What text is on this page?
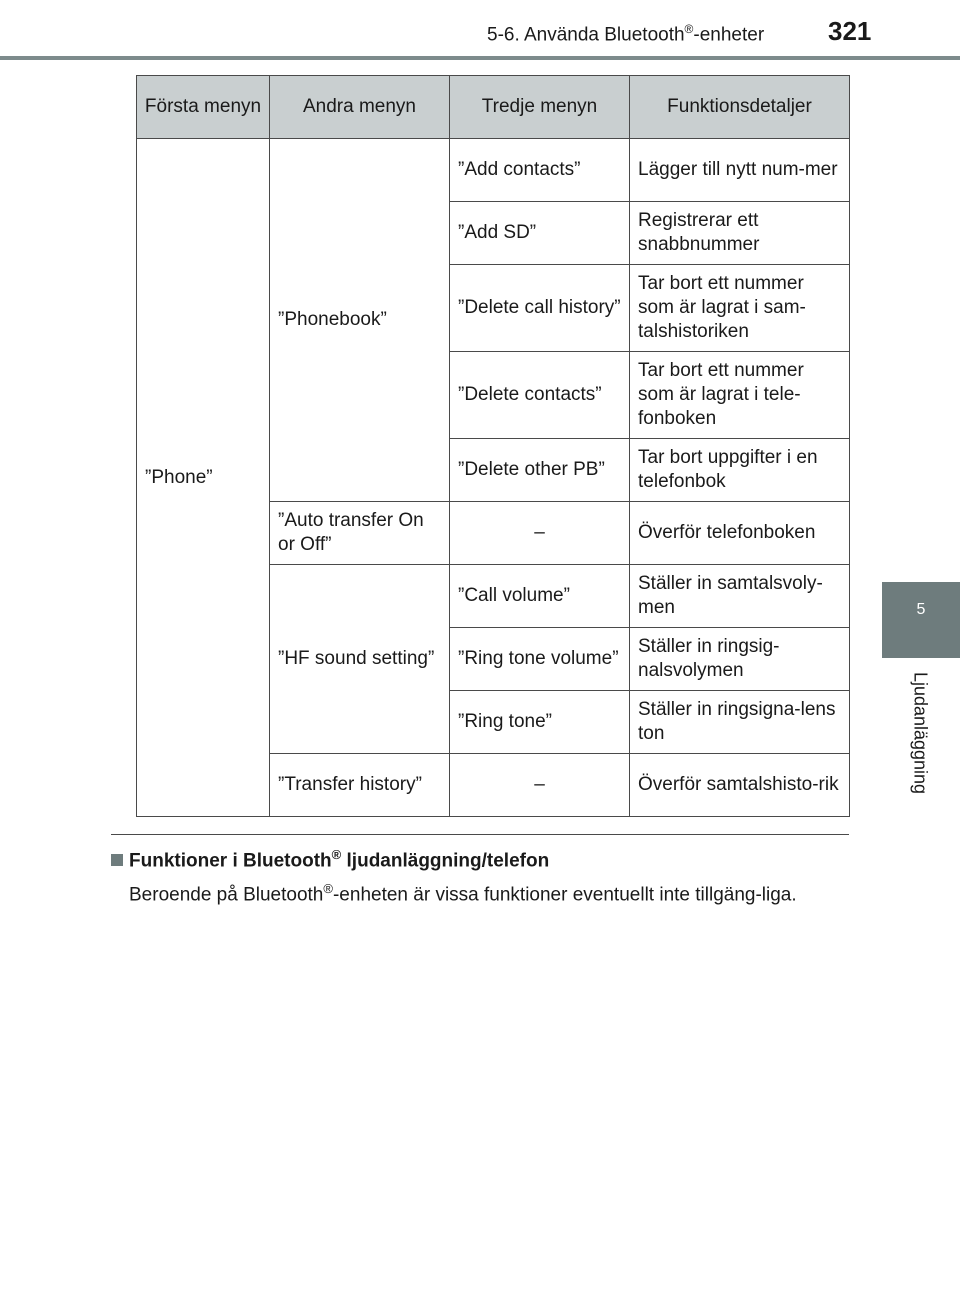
5-6. Använda Bluetooth®-enheter	321
5
Ljudanläggning
Första menyn	Andra menyn	Tredje menyn	Funktionsdetaljer
”Phone”	”Phonebook”	”Add contacts”	Lägger till nytt num-mer
		”Add SD”	Registrerar ett snabbnummer
		”Delete call history”	Tar bort ett nummer som är lagrat i sam-talshistoriken
		”Delete contacts”	Tar bort ett nummer som är lagrat i tele-fonboken
		”Delete other PB”	Tar bort uppgifter i en telefonbok
	”Auto transfer On or Off”	–	Överför telefonboken
	”HF sound setting”	”Call volume”	Ställer in samtalsvoly-men
		”Ring tone volume”	Ställer in ringsig-nalsvolymen
		”Ring tone”	Ställer in ringsigna-lens ton
	”Transfer history”	–	Överför samtalshisto-rik

Funktioner i Bluetooth® ljudanläggning/telefon

Beroende på Bluetooth®-enheten är vissa funktioner eventuellt inte tillgäng-liga.
